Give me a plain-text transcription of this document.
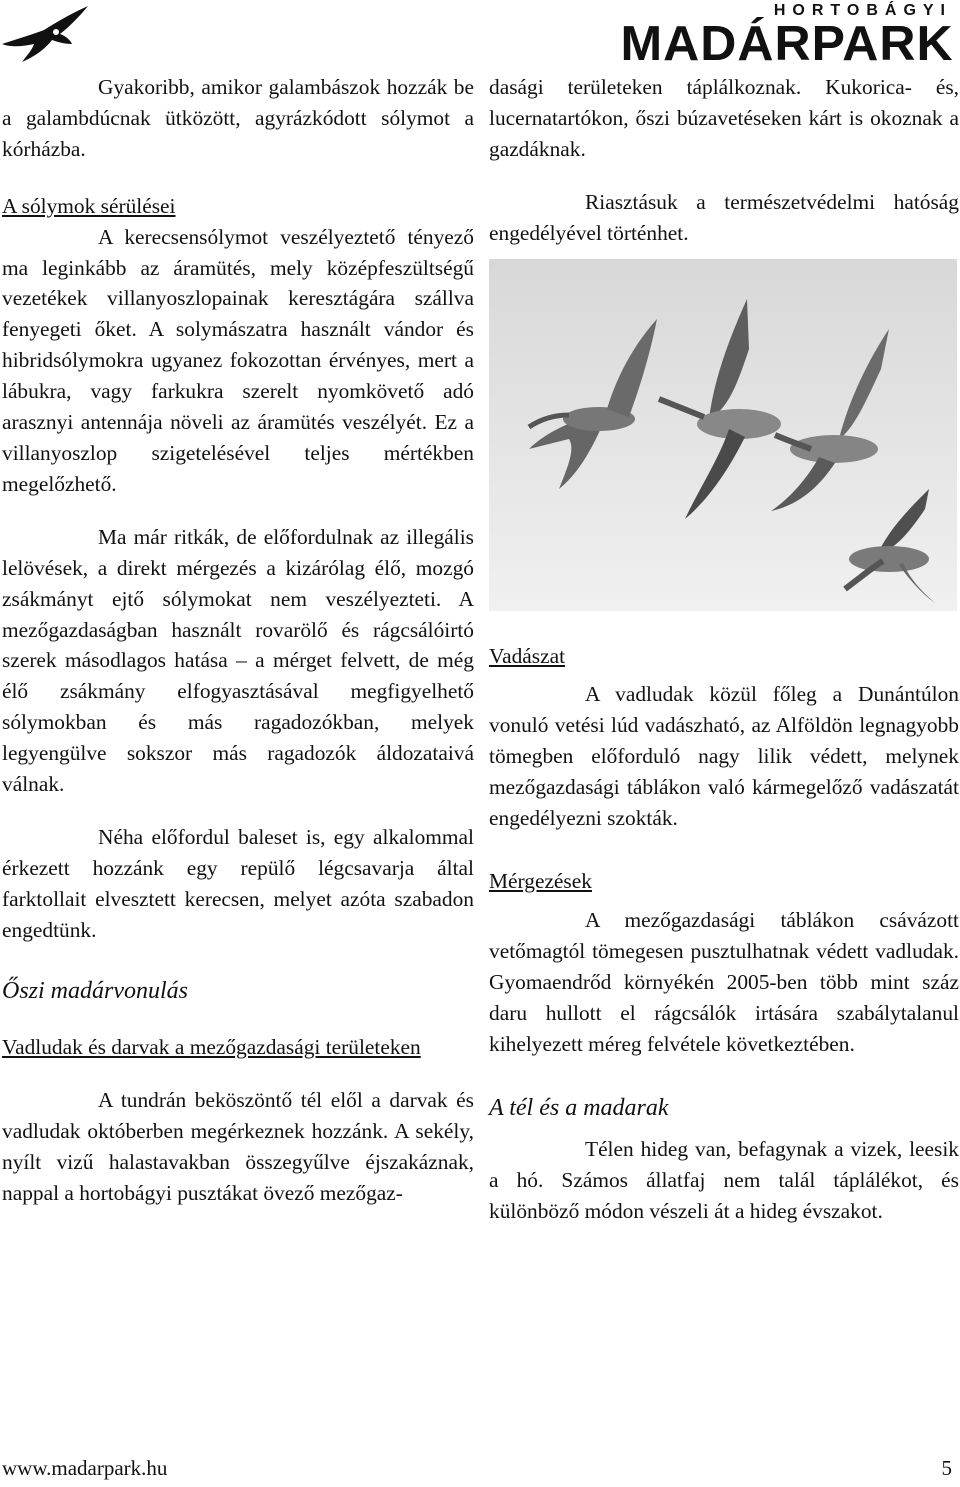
HORTOBÁGYI
MADÁRPARK

Gyakoribb, amikor galambászok hozzák be a galambdúcnak ütközött, agyrázkódott sólymot a kórházba.

A sólymok sérülései

A kerecsensólymot veszélyeztető tényező ma leginkább az áramütés, mely középfeszültségű vezetékek villanyoszlopainak keresztágára szállva fenyegeti őket. A solymászatra használt vándor és hibridsólymokra ugyanez fokozottan érvényes, mert a lábukra, vagy farkukra szerelt nyomkövető adó arasznyi antennája növeli az áramütés veszélyét. Ez a villanyoszlop szigetelésével teljes mértékben megelőzhető.

Ma már ritkák, de előfordulnak az illegális lelövések, a direkt mérgezés a kizárólag élő, mozgó zsákmányt ejtő sólymokat nem veszélyezteti. A mezőgazdaságban használt rovarölő és rágcsálóirtó szerek másodlagos hatása – a mérget felvett, de még élő zsákmány elfogyasztásával megfigyelhető sólymokban és más ragadozókban, melyek legyengülve sokszor más ragadozók áldozataivá válnak.

Néha előfordul baleset is, egy alkalommal érkezett hozzánk egy repülő légcsavarja által farktollait elvesztett kerecsen, melyet azóta szabadon engedtünk.

Őszi madárvonulás

Vadludak és darvak a mezőgazdasági területeken

A tundrán beköszöntő tél elől a darvak és vadludak októberben megérkeznek hozzánk. A sekély, nyílt vizű halastavakban összegyűlve éjszakáznak, nappal a hortobágyi pusztákat övező mezőgaz-

dasági területeken táplálkoznak. Kukorica- és, lucernatartókon, őszi búzavetéseken kárt is okoznak a gazdáknak.

Riasztásuk a természetvédelmi hatóság engedélyével történhet.

Vadászat

A vadludak közül főleg a Dunántúlon vonuló vetési lúd vadászható, az Alföldön legnagyobb tömegben előforduló nagy lilik védett, melynek mezőgazdasági táblákon való kármegelőző vadászatát engedélyezni szokták.

Mérgezések

A mezőgazdasági táblákon csávázott vetőmagtól tömegesen pusztulhatnak védett vadludak. Gyomaendrőd környékén 2005-ben több mint száz daru hullott el rágcsálók irtására szabálytalanul kihelyezett méreg felvétele következtében.

A tél és a madarak

Télen hideg van, befagynak a vizek, leesik a hó. Számos állatfaj nem talál táplálékot, és különböző módon vészeli át a hideg évszakot.

www.madarpark.hu	5
